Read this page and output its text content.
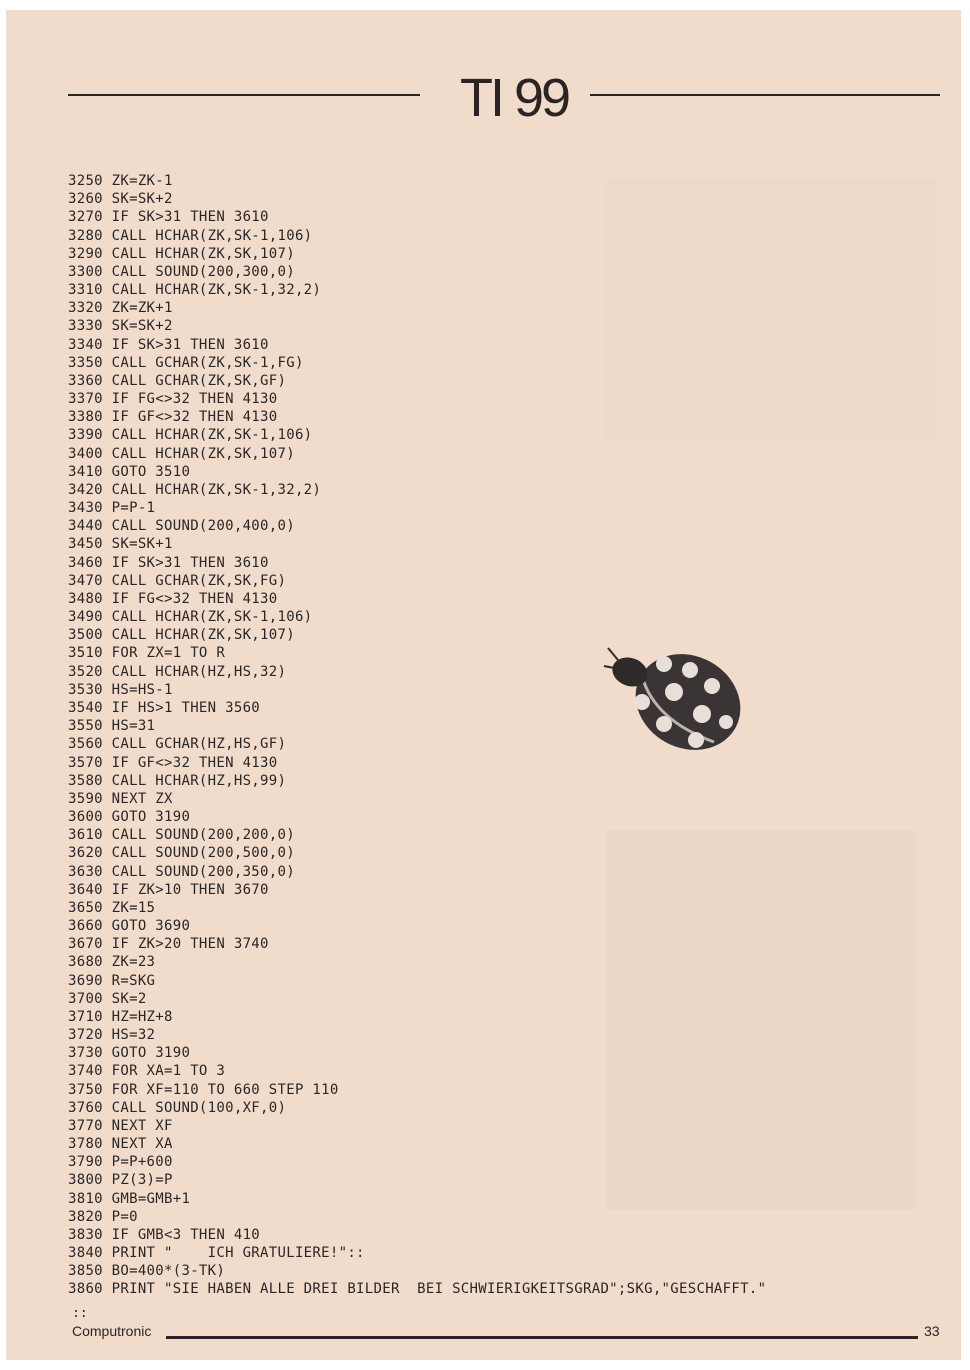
TI 99
3250 ZK=ZK-1
3260 SK=SK+2
3270 IF SK>31 THEN 3610
3280 CALL HCHAR(ZK,SK-1,106)
3290 CALL HCHAR(ZK,SK,107)
3300 CALL SOUND(200,300,0)
3310 CALL HCHAR(ZK,SK-1,32,2)
3320 ZK=ZK+1
3330 SK=SK+2
3340 IF SK>31 THEN 3610
3350 CALL GCHAR(ZK,SK-1,FG)
3360 CALL GCHAR(ZK,SK,GF)
3370 IF FG<>32 THEN 4130
3380 IF GF<>32 THEN 4130
3390 CALL HCHAR(ZK,SK-1,106)
3400 CALL HCHAR(ZK,SK,107)
3410 GOTO 3510
3420 CALL HCHAR(ZK,SK-1,32,2)
3430 P=P-1
3440 CALL SOUND(200,400,0)
3450 SK=SK+1
3460 IF SK>31 THEN 3610
3470 CALL GCHAR(ZK,SK,FG)
3480 IF FG<>32 THEN 4130
3490 CALL HCHAR(ZK,SK-1,106)
3500 CALL HCHAR(ZK,SK,107)
3510 FOR ZX=1 TO R
3520 CALL HCHAR(HZ,HS,32)
3530 HS=HS-1
3540 IF HS>1 THEN 3560
3550 HS=31
3560 CALL GCHAR(HZ,HS,GF)
3570 IF GF<>32 THEN 4130
3580 CALL HCHAR(HZ,HS,99)
3590 NEXT ZX
3600 GOTO 3190
3610 CALL SOUND(200,200,0)
3620 CALL SOUND(200,500,0)
3630 CALL SOUND(200,350,0)
3640 IF ZK>10 THEN 3670
3650 ZK=15
3660 GOTO 3690
3670 IF ZK>20 THEN 3740
3680 ZK=23
3690 R=SKG
3700 SK=2
3710 HZ=HZ+8
3720 HS=32
3730 GOTO 3190
3740 FOR XA=1 TO 3
3750 FOR XF=110 TO 660 STEP 110
3760 CALL SOUND(100,XF,0)
3770 NEXT XF
3780 NEXT XA
3790 P=P+600
3800 PZ(3)=P
3810 GMB=GMB+1
3820 P=0
3830 IF GMB<3 THEN 410
3840 PRINT "    ICH GRATULIERE!"::
3850 BO=400*(3-TK)
3860 PRINT "SIE HABEN ALLE DREI BILDER  BEI SCHWIERIGKEITSGRAD";SKG,"GESCHAFFT."
::
Computronic	33
